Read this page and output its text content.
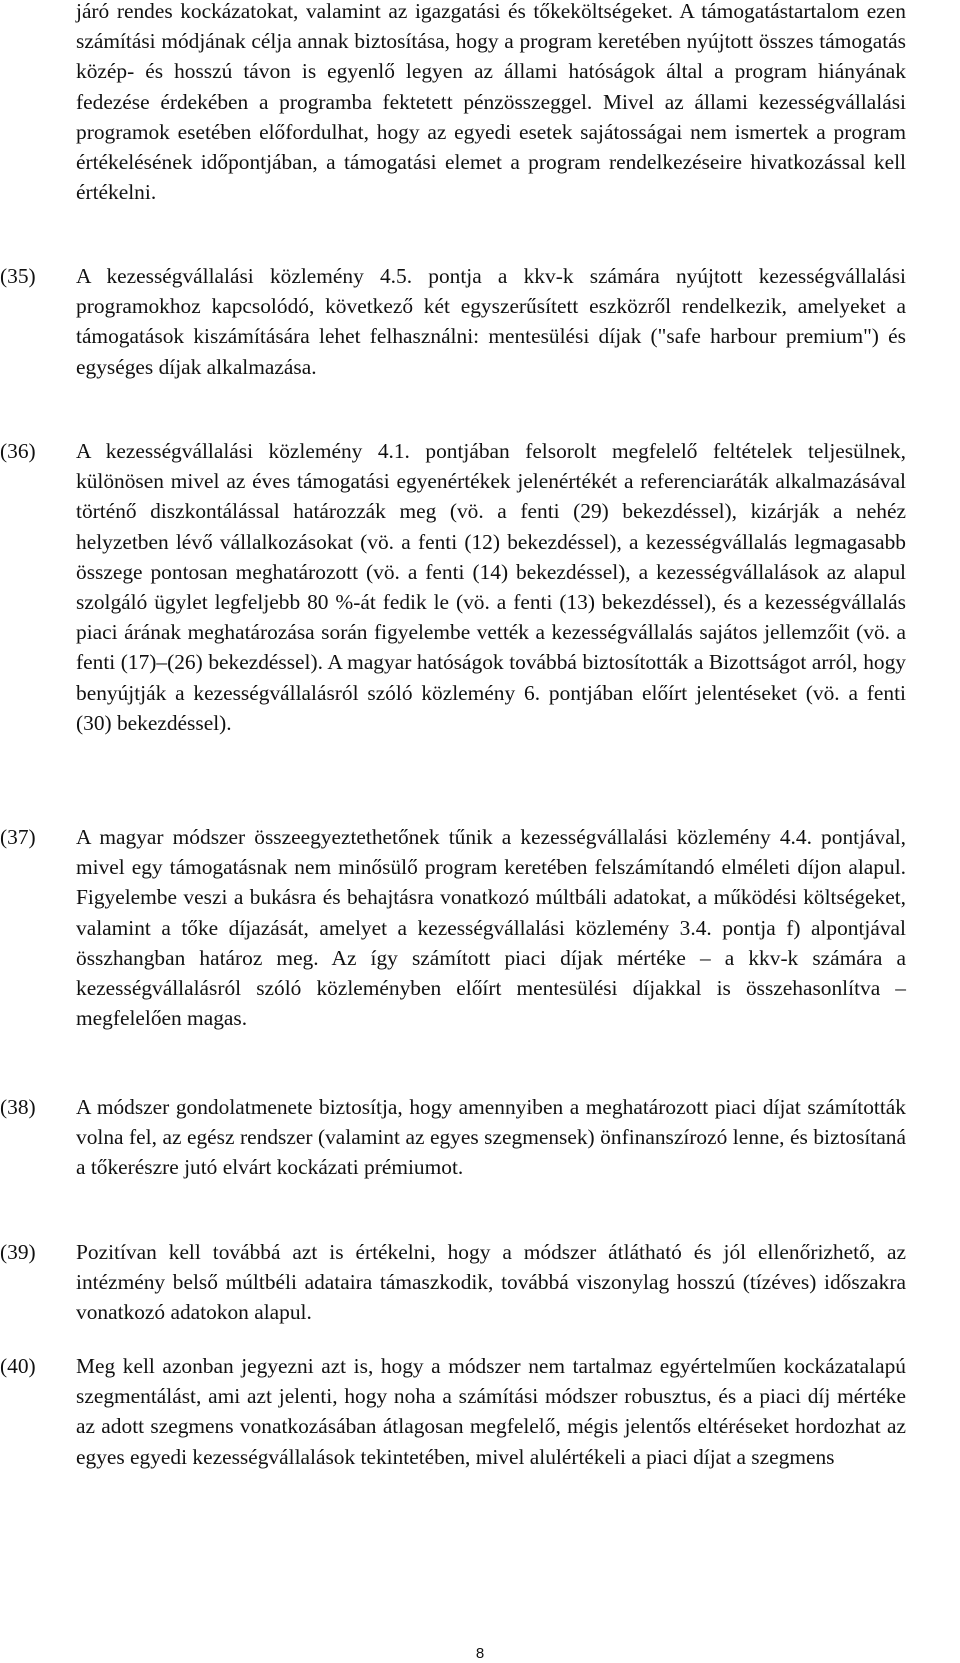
járó rendes kockázatokat, valamint az igazgatási és tőkeköltségeket. A támogatástartalom ezen számítási módjának célja annak biztosítása, hogy a program keretében nyújtott összes támogatás közép- és hosszú távon is egyenlő legyen az állami hatóságok által a program hiányának fedezése érdekében a programba fektetett pénzösszeggel. Mivel az állami kezességvállalási programok esetében előfordulhat, hogy az egyedi esetek sajátosságai nem ismertek a program értékelésének időpontjában, a támogatási elemet a program rendelkezéseire hivatkozással kell értékelni.
(35) A kezességvállalási közlemény 4.5. pontja a kkv-k számára nyújtott kezességvállalási programokhoz kapcsolódó, következő két egyszerűsített eszközről rendelkezik, amelyeket a támogatások kiszámítására lehet felhasználni: mentesülési díjak ("safe harbour premium") és egységes díjak alkalmazása.
(36) A kezességvállalási közlemény 4.1. pontjában felsorolt megfelelő feltételek teljesülnek, különösen mivel az éves támogatási egyenértékek jelenértékét a referenciaráták alkalmazásával történő diszkontálással határozzák meg (vö. a fenti (29) bekezdéssel), kizárják a nehéz helyzetben lévő vállalkozásokat (vö. a fenti (12) bekezdéssel), a kezességvállalás legmagasabb összege pontosan meghatározott (vö. a fenti (14) bekezdéssel), a kezességvállalások az alapul szolgáló ügylet legfeljebb 80 %-át fedik le (vö. a fenti (13) bekezdéssel), és a kezességvállalás piaci árának meghatározása során figyelembe vették a kezességvállalás sajátos jellemzőit (vö. a fenti (17)–(26) bekezdéssel). A magyar hatóságok továbbá biztosították a Bizottságot arról, hogy benyújtják a kezességvállalásról szóló közlemény 6. pontjában előírt jelentéseket (vö. a fenti (30) bekezdéssel).
(37) A magyar módszer összeegyeztethetőnek tűnik a kezességvállalási közlemény 4.4. pontjával, mivel egy támogatásnak nem minősülő program keretében felszámítandó elméleti díjon alapul. Figyelembe veszi a bukásra és behajtásra vonatkozó múltbáli adatokat, a működési költségeket, valamint a tőke díjazását, amelyet a kezességvállalási közlemény 3.4. pontja f) alpontjával összhangban határoz meg. Az így számított piaci díjak mértéke – a kkv-k számára a kezességvállalásról szóló közleményben előírt mentesülési díjakkal is összehasonlítva – megfelelően magas.
(38) A módszer gondolatmenete biztosítja, hogy amennyiben a meghatározott piaci díjat számították volna fel, az egész rendszer (valamint az egyes szegmensek) önfinanszírozó lenne, és biztosítaná a tőkerészre jutó elvárt kockázati prémiumot.
(39) Pozitívan kell továbbá azt is értékelni, hogy a módszer átlátható és jól ellenőrizhető, az intézmény belső múltbéli adataira támaszkodik, továbbá viszonylag hosszú (tízéves) időszakra vonatkozó adatokon alapul.
(40) Meg kell azonban jegyezni azt is, hogy a módszer nem tartalmaz egyértelműen kockázatalapú szegmentálást, ami azt jelenti, hogy noha a számítási módszer robusztus, és a piaci díj mértéke az adott szegmens vonatkozásában átlagosan megfelelő, mégis jelentős eltéréseket hordozhat az egyes egyedi kezességvállalások tekintetében, mivel alulértékeli a piaci díjat a szegmens
8
